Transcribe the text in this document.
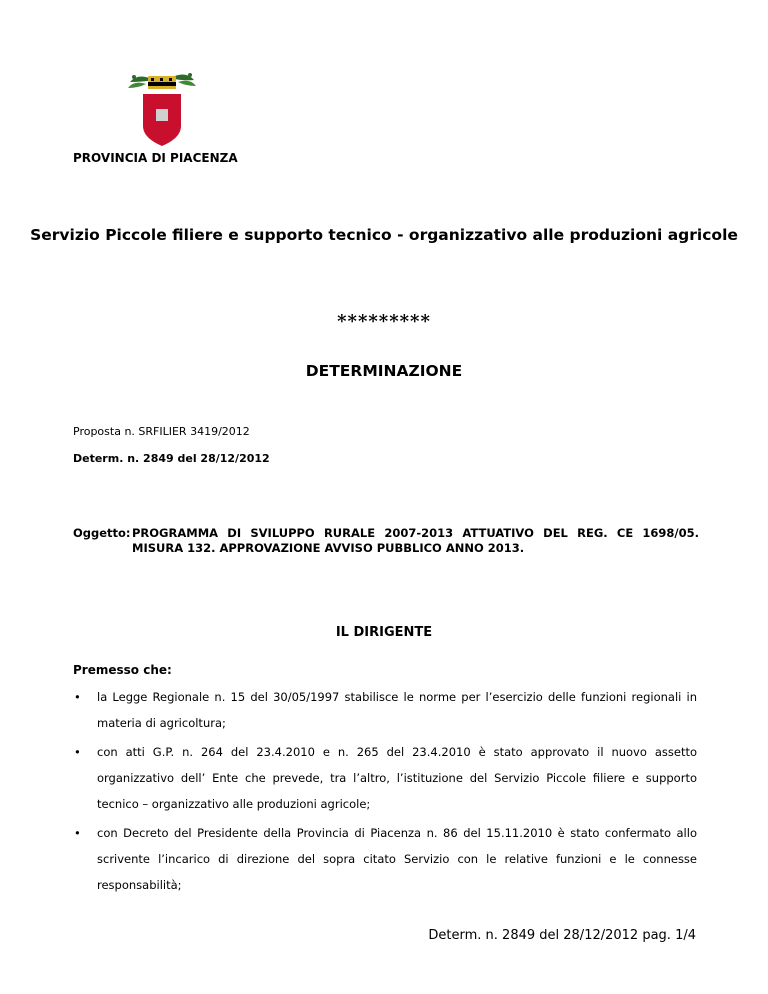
PROVINCIA DI PIACENZA
Servizio Piccole filiere e supporto tecnico - organizzativo alle produzioni agricole
*********
DETERMINAZIONE
Proposta n. SRFILIER 3419/2012
Determ. n. 2849 del 28/12/2012
Oggetto: PROGRAMMA DI SVILUPPO RURALE 2007-2013 ATTUATIVO DEL REG. CE 1698/05. MISURA 132. APPROVAZIONE AVVISO PUBBLICO ANNO 2013.
IL DIRIGENTE
Premesso che:
• la Legge Regionale n. 15 del 30/05/1997 stabilisce le norme per l’esercizio delle funzioni regionali in materia di agricoltura;
• con atti G.P. n. 264 del 23.4.2010 e n. 265 del 23.4.2010 è stato approvato il nuovo assetto organizzativo dell’ Ente che prevede, tra l’altro, l’istituzione del Servizio Piccole filiere e supporto tecnico – organizzativo alle produzioni agricole;
• con Decreto del Presidente della Provincia di Piacenza n. 86 del 15.11.2010 è stato confermato allo scrivente l’incarico di direzione del sopra citato Servizio con le relative funzioni e le connesse responsabilità;
Determ. n. 2849 del 28/12/2012 pag. 1/4
